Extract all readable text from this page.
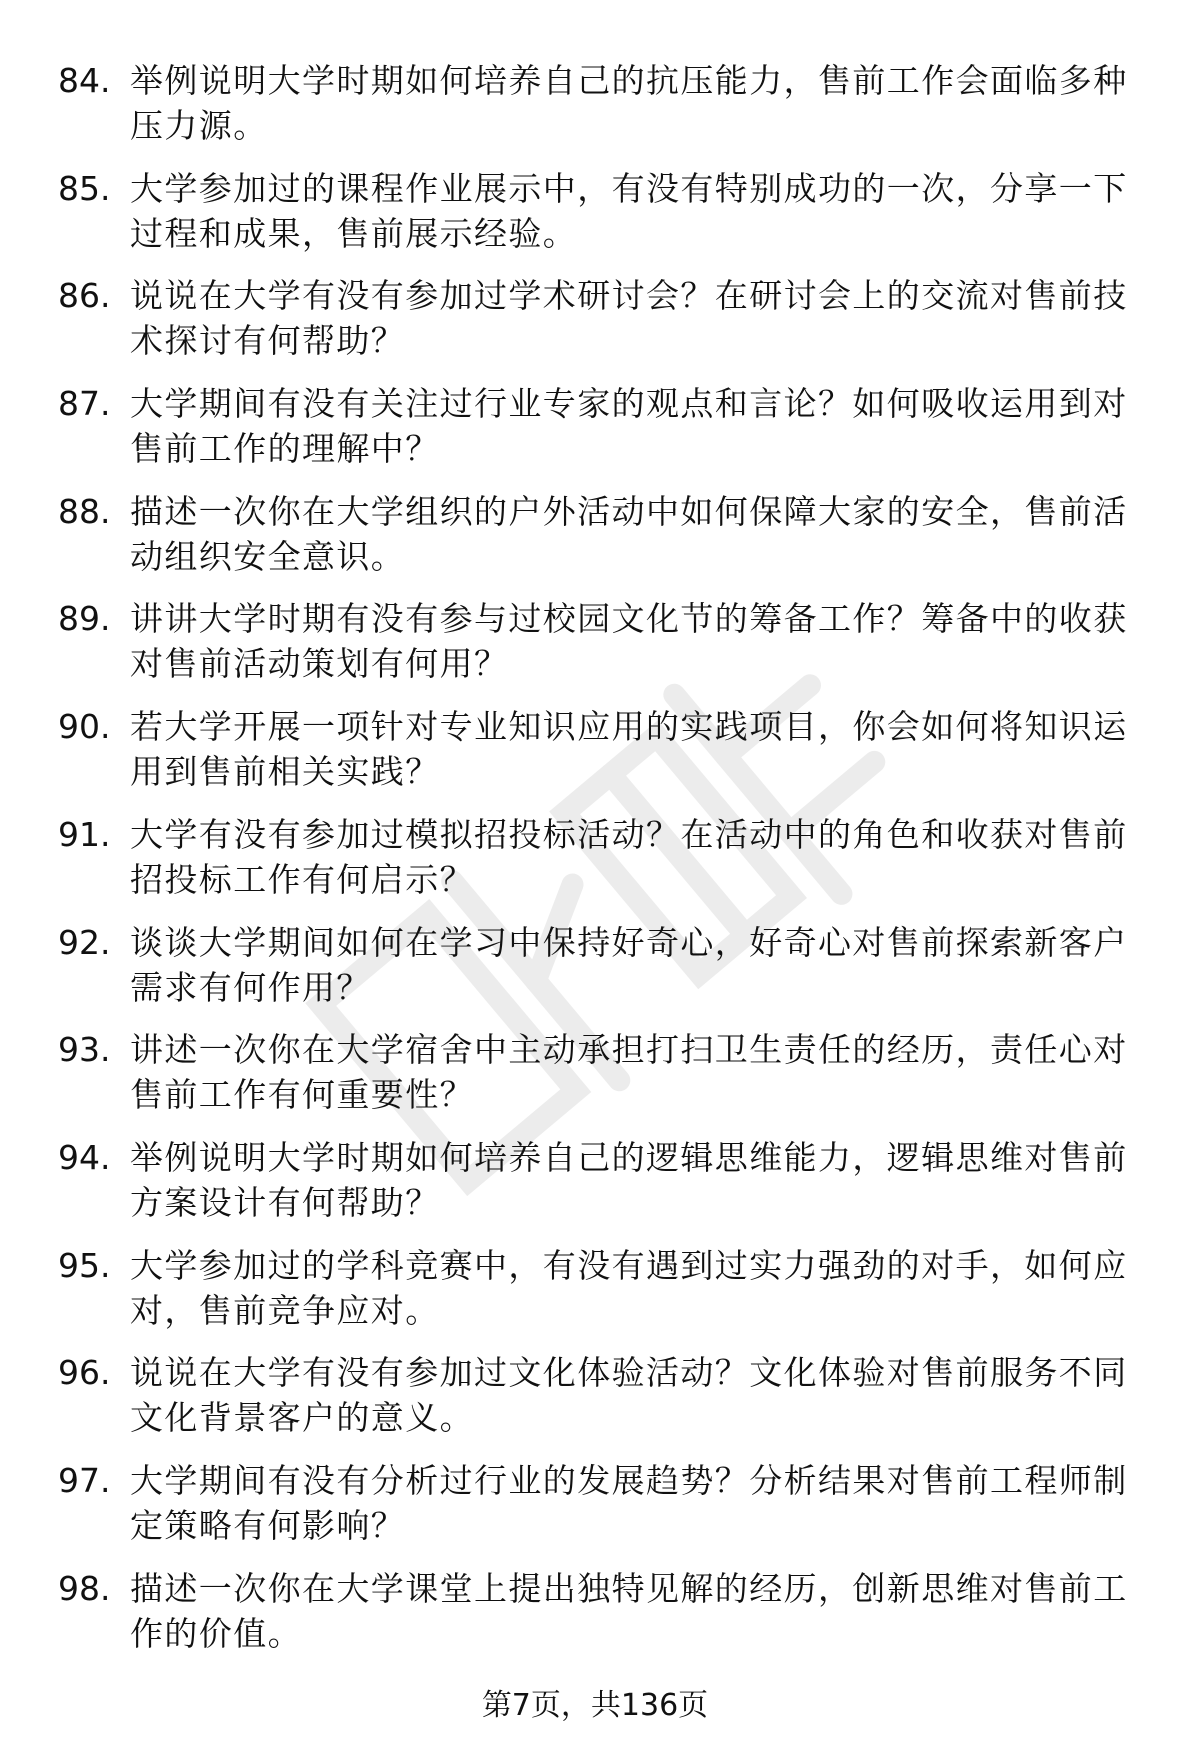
84. 举例说明大学时期如何培养自己的抗压能力，售前工作会面临多种压力源。
85. 大学参加过的课程作业展示中，有没有特别成功的一次，分享一下过程和成果，售前展示经验。
86. 说说在大学有没有参加过学术研讨会？在研讨会上的交流对售前技术探讨有何帮助？
87. 大学期间有没有关注过行业专家的观点和言论？如何吸收运用到对售前工作的理解中？
88. 描述一次你在大学组织的户外活动中如何保障大家的安全，售前活动组织安全意识。
89. 讲讲大学时期有没有参与过校园文化节的筹备工作？筹备中的收获对售前活动策划有何用？
90. 若大学开展一项针对专业知识应用的实践项目，你会如何将知识运用到售前相关实践？
91. 大学有没有参加过模拟招投标活动？在活动中的角色和收获对售前招投标工作有何启示？
92. 谈谈大学期间如何在学习中保持好奇心，好奇心对售前探索新客户需求有何作用？
93. 讲述一次你在大学宿舍中主动承担打扫卫生责任的经历，责任心对售前工作有何重要性？
94. 举例说明大学时期如何培养自己的逻辑思维能力，逻辑思维对售前方案设计有何帮助？
95. 大学参加过的学科竞赛中，有没有遇到过实力强劲的对手，如何应对，售前竞争应对。
96. 说说在大学有没有参加过文化体验活动？文化体验对售前服务不同文化背景客户的意义。
97. 大学期间有没有分析过行业的发展趋势？分析结果对售前工程师制定策略有何影响？
98. 描述一次你在大学课堂上提出独特见解的经历，创新思维对售前工作的价值。
第7页，共136页
